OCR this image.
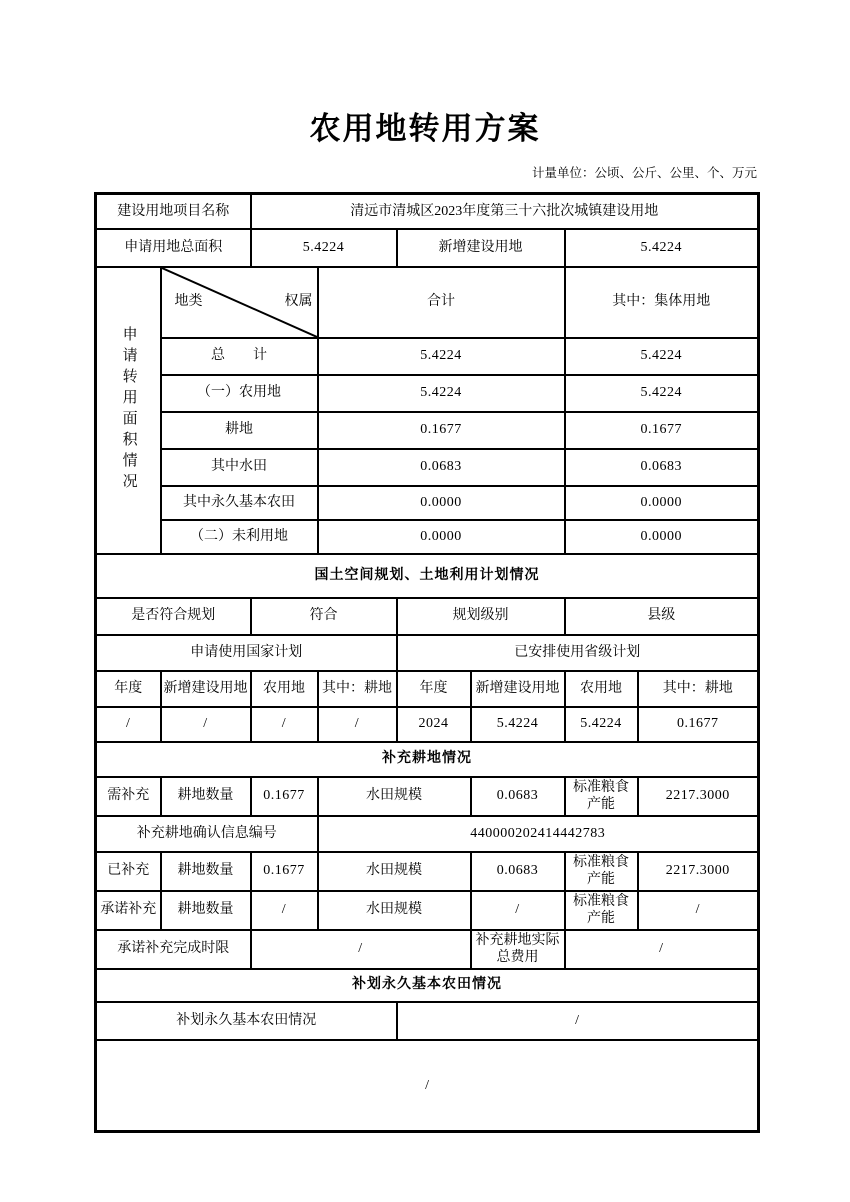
农用地转用方案
计量单位：公顷、公斤、公里、个、万元
建设用地项目名称		清远市清城区2023年度第三十六批次城镇建设用地					
申请用地总面积		5.4224		新增建设用地		5.4224	

申请转用面积情况	地类 权属		合计			其中：集体用地	
	总　　计		5.4224			5.4224	
	（一）农用地		5.4224			5.4224	
	耕地		0.1677			0.1677	
	其中水田		0.0683			0.0683	
	其中永久基本农田		0.0000			0.0000	
	（二）未利用地		0.0000			0.0000	
国土空间规划、土地利用计划情况							
是否符合规划		符合		规划级别		县级	
申请使用国家计划				已安排使用省级计划			
年度	新增建设用地	农用地	其中：耕地	年度	新增建设用地	农用地	其中：耕地
/	/	/	/	2024	5.4224	5.4224	0.1677
补充耕地情况							
需补充	耕地数量	0.1677	水田规模		0.0683	标准粮食产能	2217.3000
补充耕地确认信息编号			440000202414442783				
已补充	耕地数量	0.1677	水田规模		0.0683	标准粮食产能	2217.3000
承诺补充	耕地数量	/	水田规模		/	标准粮食产能	/
承诺补充完成时限		/			补充耕地实际总费用	/	
补划永久基本农田情况							
补划永久基本农田情况				/			
/							
